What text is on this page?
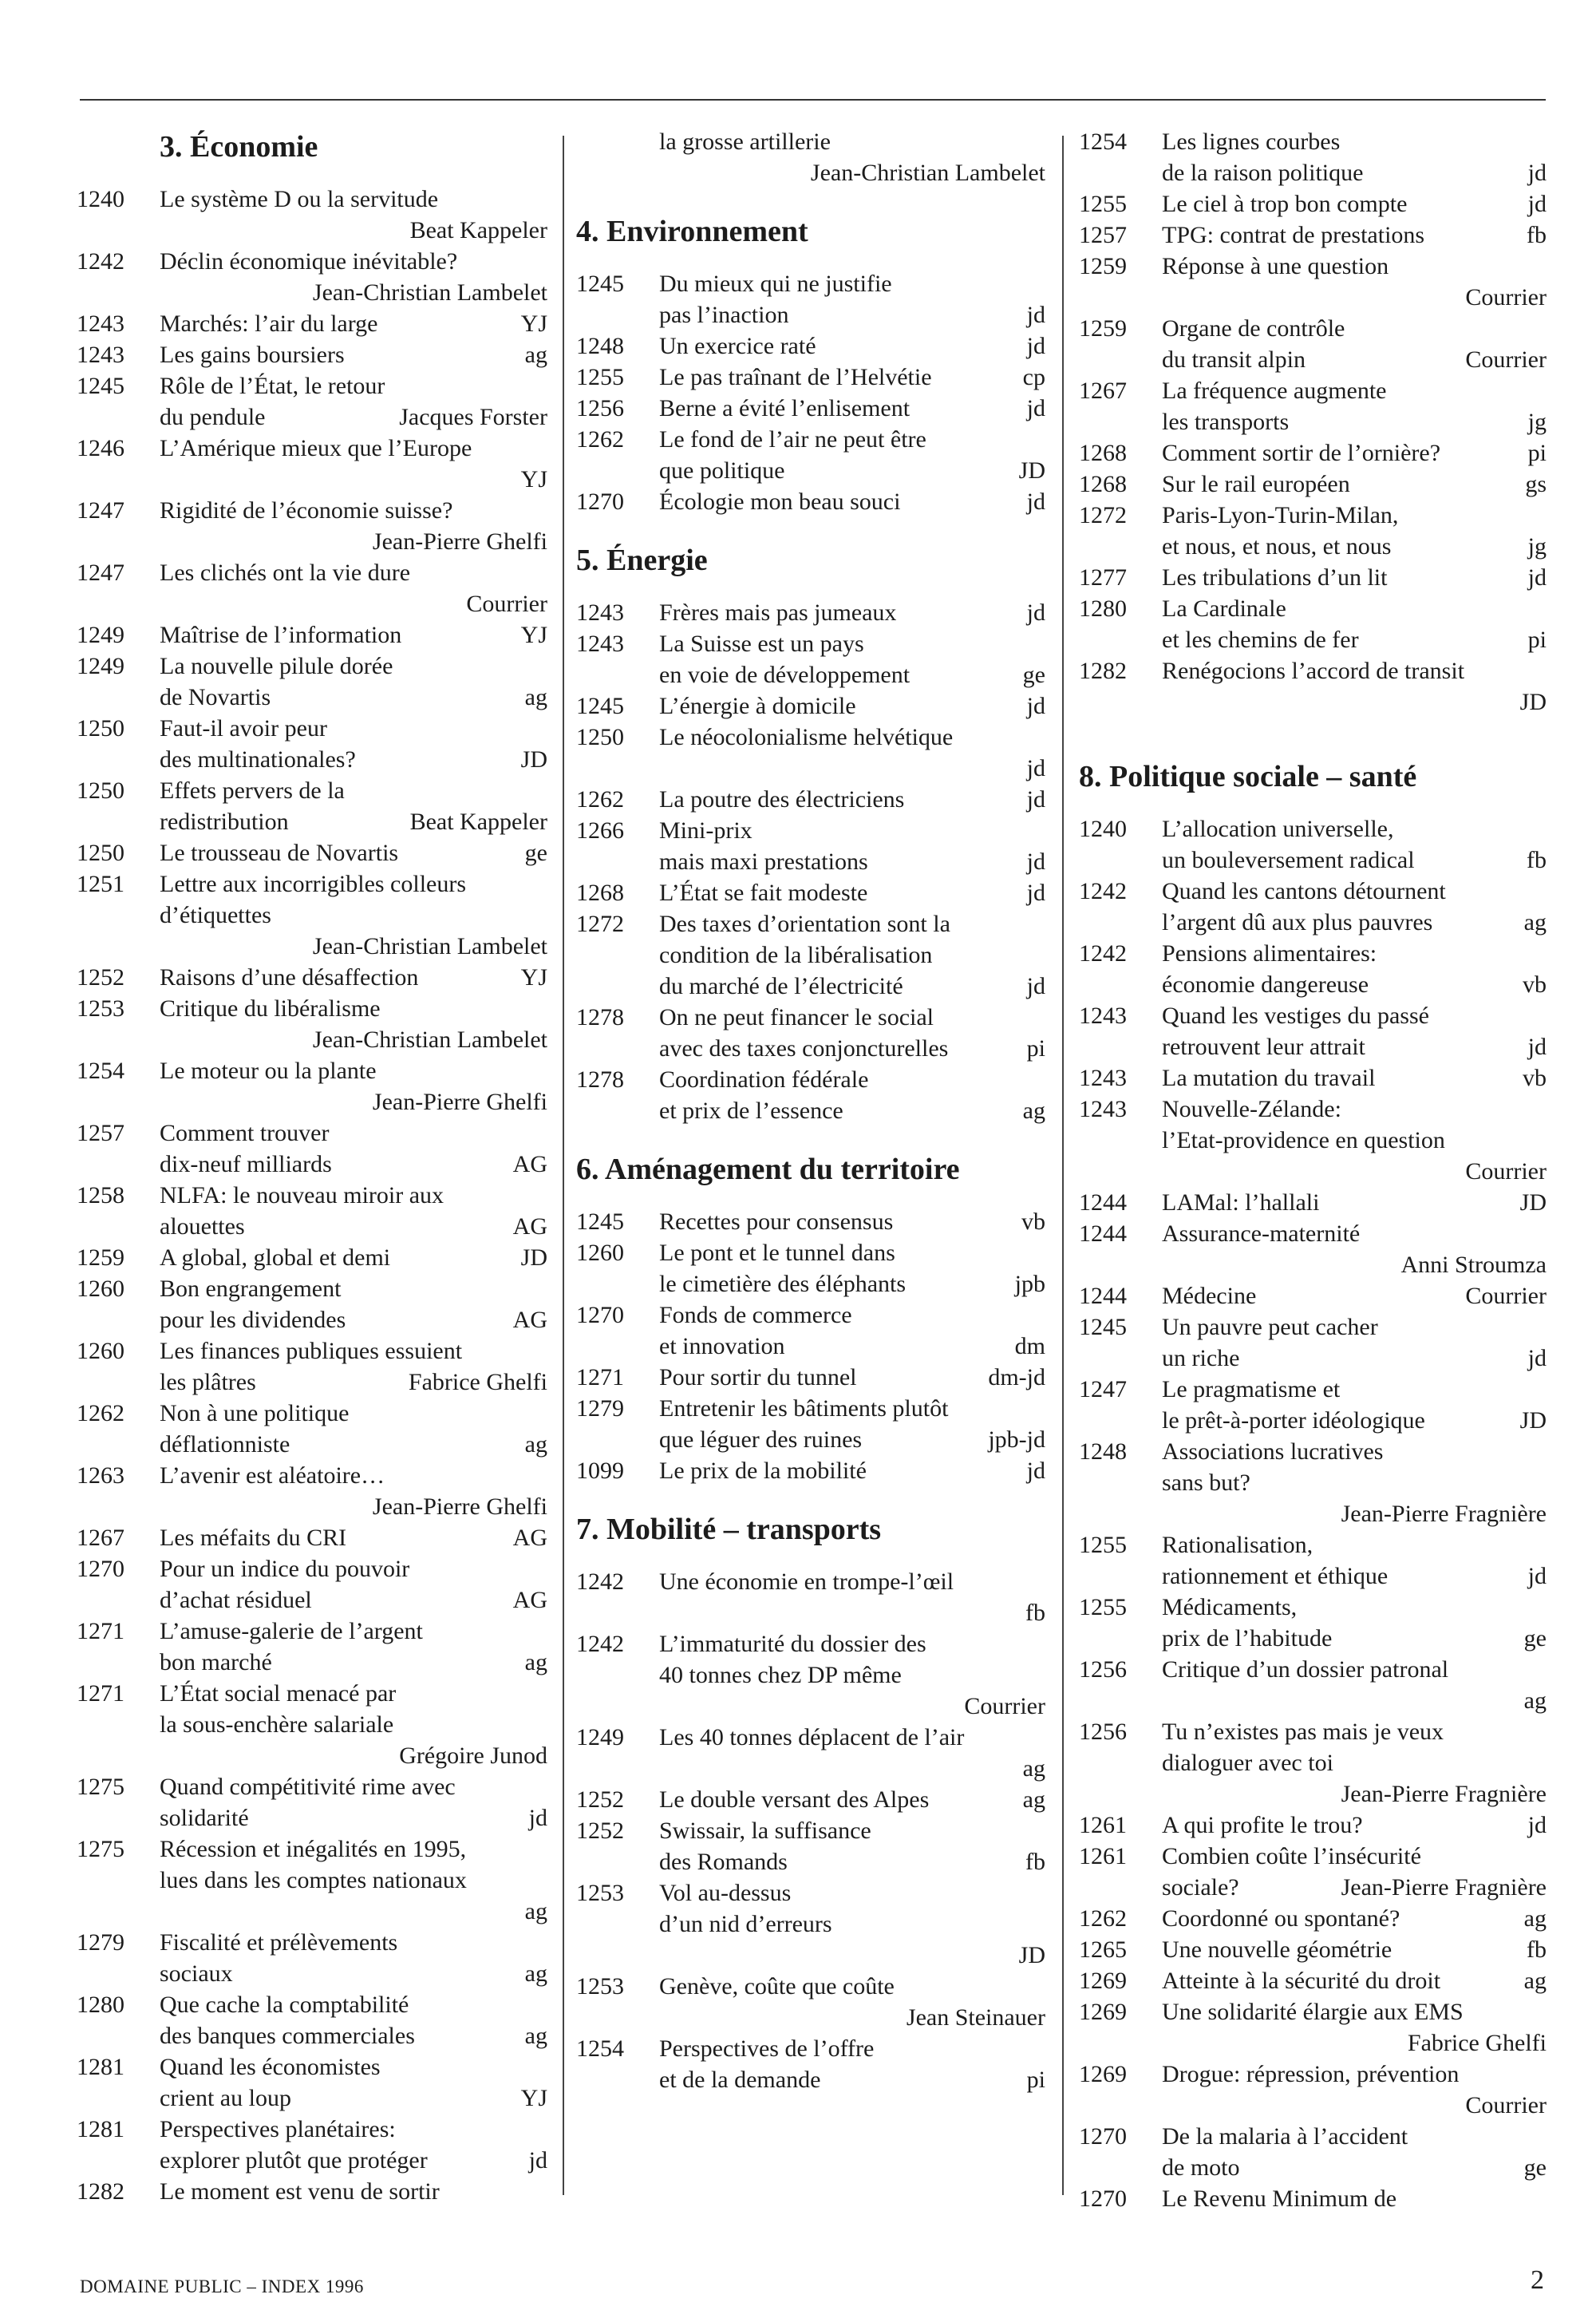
3. Économie
1240	Le système D ou la servitude
Beat Kappeler
1242	Déclin économique inévitable?
Jean-Christian Lambelet
1243	Marchés: l’air du large	YJ
1243	Les gains boursiers	ag
1245	Rôle de l’État, le retour
du pendule	Jacques Forster
1246	L’Amérique mieux que l’Europe
YJ
1247	Rigidité de l’économie suisse?
Jean-Pierre Ghelfi
1247	Les clichés ont la vie dure
Courrier
1249	Maîtrise de l’information	YJ
1249	La nouvelle pilule dorée
de Novartis	ag
1250	Faut-il avoir peur
des multinationales?	JD
1250	Effets pervers de la
redistribution	Beat Kappeler
1250	Le trousseau de Novartis	ge
1251	Lettre aux incorrigibles colleurs
d’étiquettes
Jean-Christian Lambelet
1252	Raisons d’une désaffection	YJ
1253	Critique du libéralisme
Jean-Christian Lambelet
1254	Le moteur ou la plante
Jean-Pierre Ghelfi
1257	Comment trouver
dix-neuf milliards	AG
1258	NLFA: le nouveau miroir aux
alouettes	AG
1259	A global, global et demi	JD
1260	Bon engrangement
pour les dividendes	AG
1260	Les finances publiques essuient
les plâtres	Fabrice Ghelfi
1262	Non à une politique
déflationniste	ag
1263	L’avenir est aléatoire…
Jean-Pierre Ghelfi
1267	Les méfaits du CRI	AG
1270	Pour un indice du pouvoir
d’achat résiduel	AG
1271	L’amuse-galerie de l’argent
bon marché	ag
1271	L’État social menacé par
la sous-enchère salariale
Grégoire Junod
1275	Quand compétitivité rime avec
solidarité	jd
1275	Récession et inégalités en 1995,
lues dans les comptes nationaux
ag
1279	Fiscalité et prélèvements
sociaux	ag
1280	Que cache la comptabilité
des banques commerciales	ag
1281	Quand les économistes
crient au loup	YJ
1281	Perspectives planétaires:
explorer plutôt que protéger	jd
1282	Le moment est venu de sortir
la grosse artillerie
Jean-Christian Lambelet
4. Environnement
1245	Du mieux qui ne justifie
pas l’inaction	jd
1248	Un exercice raté	jd
1255	Le pas traînant de l’Helvétie	cp
1256	Berne a évité l’enlisement	jd
1262	Le fond de l’air ne peut être
que politique	JD
1270	Écologie mon beau souci	jd
5. Énergie
1243	Frères mais pas jumeaux	jd
1243	La Suisse est un pays
en voie de développement	ge
1245	L’énergie à domicile	jd
1250	Le néocolonialisme helvétique
jd
1262	La poutre des électriciens	jd
1266	Mini-prix
mais maxi prestations	jd
1268	L’État se fait modeste	jd
1272	Des taxes d’orientation sont la
condition de la libéralisation
du marché de l’électricité	jd
1278	On ne peut financer le social
avec des taxes conjoncturelles	pi
1278	Coordination fédérale
et prix de l’essence	ag
6. Aménagement du territoire
1245	Recettes pour consensus	vb
1260	Le pont et le tunnel dans
le cimetière des éléphants	jpb
1270	Fonds de commerce
et innovation	dm
1271	Pour sortir du tunnel	dm-jd
1279	Entretenir les bâtiments plutôt
que léguer des ruines	jpb-jd
1099	Le prix de la mobilité	jd
7. Mobilité – transports
1242	Une économie en trompe-l’œil
fb
1242	L’immaturité du dossier des
40 tonnes chez DP même
Courrier
1249	Les 40 tonnes déplacent de l’air
ag
1252	Le double versant des Alpes	ag
1252	Swissair, la suffisance
des Romands	fb
1253	Vol au-dessus
d’un nid d’erreurs
JD
1253	Genève, coûte que coûte
Jean Steinauer
1254	Perspectives de l’offre
et de la demande	pi
1254	Les lignes courbes
de la raison politique	jd
1255	Le ciel à trop bon compte	jd
1257	TPG: contrat de prestations	fb
1259	Réponse à une question
Courrier
1259	Organe de contrôle
du transit alpin	Courrier
1267	La fréquence augmente
les transports	jg
1268	Comment sortir de l’ornière?	pi
1268	Sur le rail européen	gs
1272	Paris-Lyon-Turin-Milan,
et nous, et nous, et nous	jg
1277	Les tribulations d’un lit	jd
1280	La Cardinale
et les chemins de fer	pi
1282	Renégocions l’accord de transit
JD
8. Politique sociale – santé
1240	L’allocation universelle,
un bouleversement radical	fb
1242	Quand les cantons détournent
l’argent dû aux plus pauvres	ag
1242	Pensions alimentaires:
économie dangereuse	vb
1243	Quand les vestiges du passé
retrouvent leur attrait	jd
1243	La mutation du travail	vb
1243	Nouvelle-Zélande:
l’Etat-providence en question
Courrier
1244	LAMal: l’hallali	JD
1244	Assurance-maternité
Anni Stroumza
1244	Médecine	Courrier
1245	Un pauvre peut cacher
un riche	jd
1247	Le pragmatisme et
le prêt-à-porter idéologique	JD
1248	Associations lucratives
sans but?
Jean-Pierre Fragnière
1255	Rationalisation,
rationnement et éthique	jd
1255	Médicaments,
prix de l’habitude	ge
1256	Critique d’un dossier patronal
ag
1256	Tu n’existes pas mais je veux
dialoguer avec toi
Jean-Pierre Fragnière
1261	A qui profite le trou?	jd
1261	Combien coûte l’insécurité
sociale?	Jean-Pierre Fragnière
1262	Coordonné ou spontané?	ag
1265	Une nouvelle géométrie	fb
1269	Atteinte à la sécurité du droit	ag
1269	Une solidarité élargie aux EMS
Fabrice Ghelfi
1269	Drogue: répression, prévention
Courrier
1270	De la malaria à l’accident
de moto	ge
1270	Le Revenu Minimum de
DOMAINE PUBLIC – INDEX 1996	2
